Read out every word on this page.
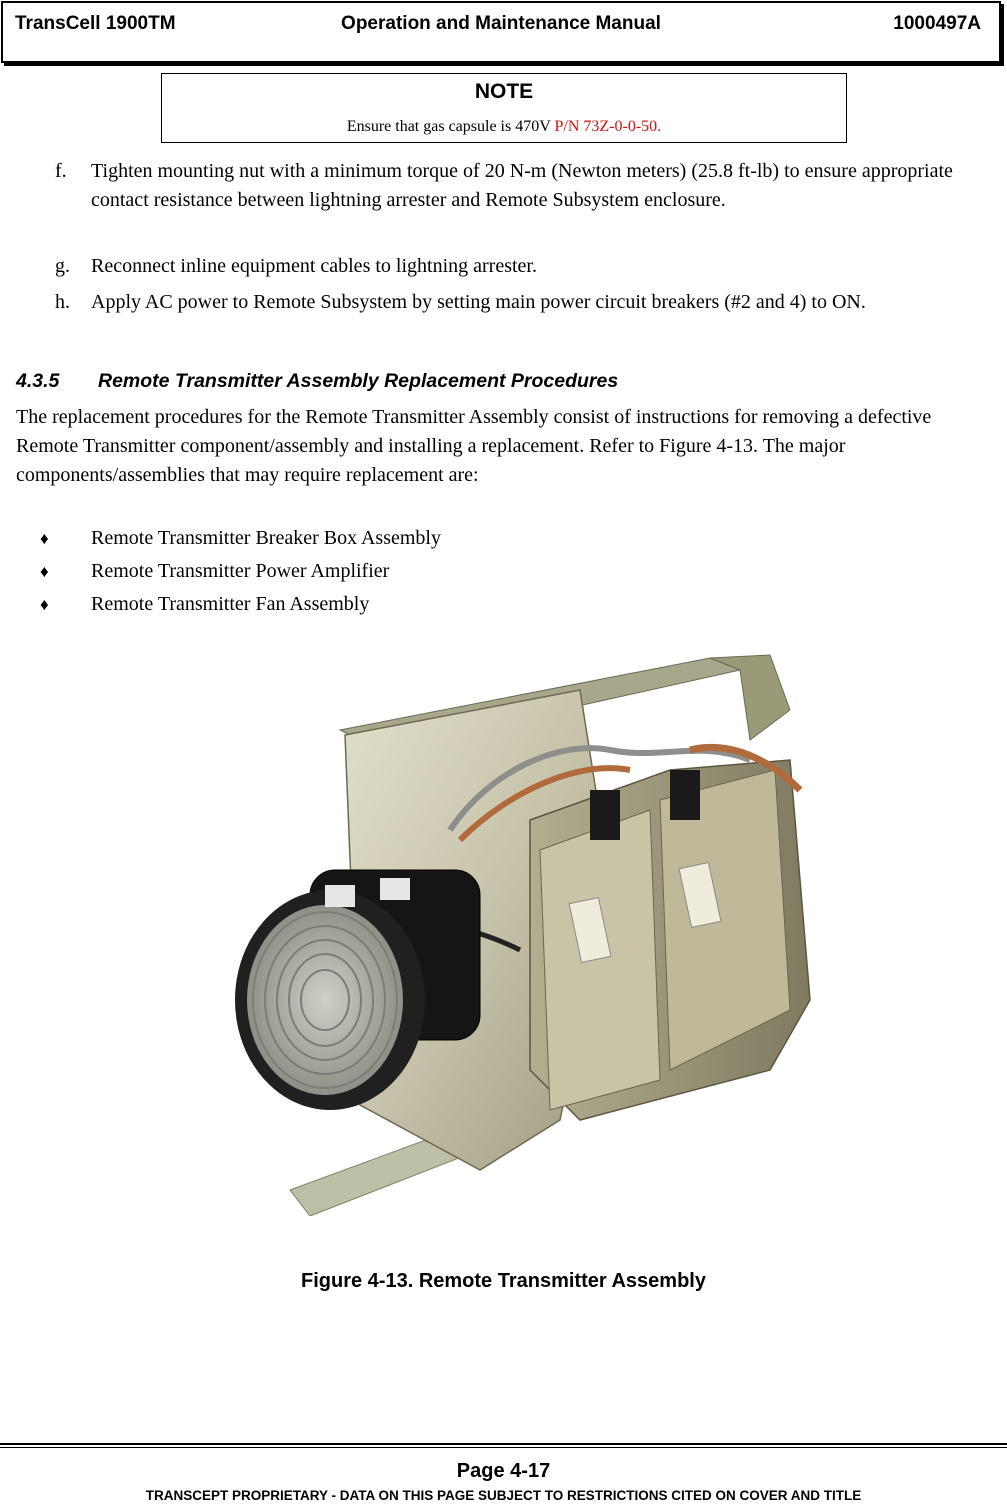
TransCell 1900TM	Operation and Maintenance Manual	1000497A
NOTE
Ensure that gas capsule is 470V P/N 73Z-0-0-50.
f. Tighten mounting nut with a minimum torque of 20 N-m (Newton meters) (25.8 ft-lb) to ensure appropriate contact resistance between lightning arrester and Remote Subsystem enclosure.
g. Reconnect inline equipment cables to lightning arrester.
h. Apply AC power to Remote Subsystem by setting main power circuit breakers (#2 and 4) to ON.
4.3.5 Remote Transmitter Assembly Replacement Procedures
The replacement procedures for the Remote Transmitter Assembly consist of instructions for removing a defective Remote Transmitter component/assembly and installing a replacement. Refer to Figure 4-13. The major components/assemblies that may require replacement are:
♦ Remote Transmitter Breaker Box Assembly
♦ Remote Transmitter Power Amplifier
♦ Remote Transmitter Fan Assembly
Figure 4-13. Remote Transmitter Assembly
Page 4-17
TRANSCEPT PROPRIETARY - DATA ON THIS PAGE SUBJECT TO RESTRICTIONS CITED ON COVER AND TITLE
